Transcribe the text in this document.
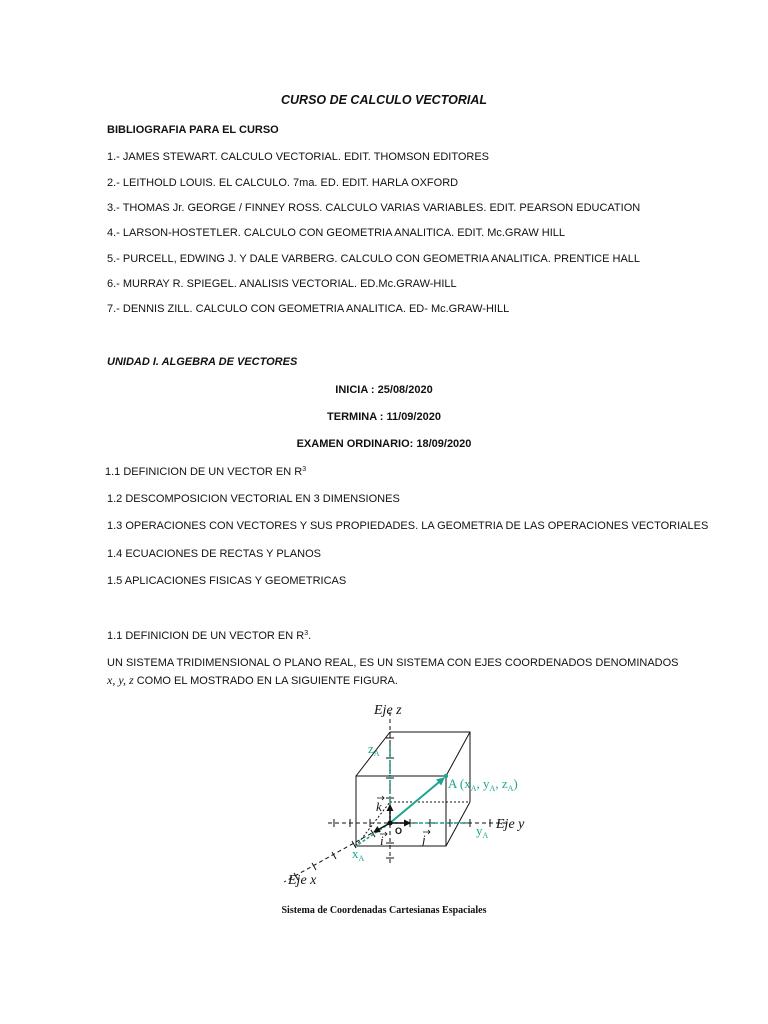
CURSO DE CALCULO VECTORIAL
BIBLIOGRAFIA PARA EL CURSO
1.- JAMES STEWART. CALCULO VECTORIAL. EDIT. THOMSON EDITORES
2.- LEITHOLD LOUIS. EL CALCULO. 7ma. ED. EDIT. HARLA OXFORD
3.- THOMAS Jr. GEORGE / FINNEY ROSS. CALCULO VARIAS VARIABLES. EDIT. PEARSON EDUCATION
4.- LARSON-HOSTETLER. CALCULO CON GEOMETRIA ANALITICA. EDIT. Mc.GRAW HILL
5.- PURCELL, EDWING J. Y DALE VARBERG. CALCULO CON GEOMETRIA ANALITICA. PRENTICE HALL
6.- MURRAY R. SPIEGEL. ANALISIS VECTORIAL. ED.Mc.GRAW-HILL
7.- DENNIS ZILL. CALCULO CON GEOMETRIA ANALITICA. ED- Mc.GRAW-HILL
UNIDAD I. ALGEBRA DE VECTORES
INICIA : 25/08/2020
TERMINA : 11/09/2020
EXAMEN ORDINARIO: 18/09/2020
1.1 DEFINICION DE UN VECTOR EN $R^3$
1.2 DESCOMPOSICION VECTORIAL EN 3 DIMENSIONES
1.3 OPERACIONES CON VECTORES Y SUS PROPIEDADES. LA GEOMETRIA DE LAS OPERACIONES VECTORIALES
1.4 ECUACIONES DE RECTAS Y PLANOS
1.5 APLICACIONES FISICAS Y GEOMETRICAS
1.1 DEFINICION DE UN VECTOR EN $R^3$.
UN SISTEMA TRIDIMENSIONAL O PLANO REAL, ES UN SISTEMA CON EJES COORDENADOS DENOMINADOS
x, y, z COMO EL MOSTRADO EN LA SIGUIENTE FIGURA.
Eje z
Eje y
Eje x
$z_A$
$y_A$
$x_A$
A ($x_A$, $y_A$, $z_A$)
O
k
j
i
Sistema de Coordenadas Cartesianas Espaciales
